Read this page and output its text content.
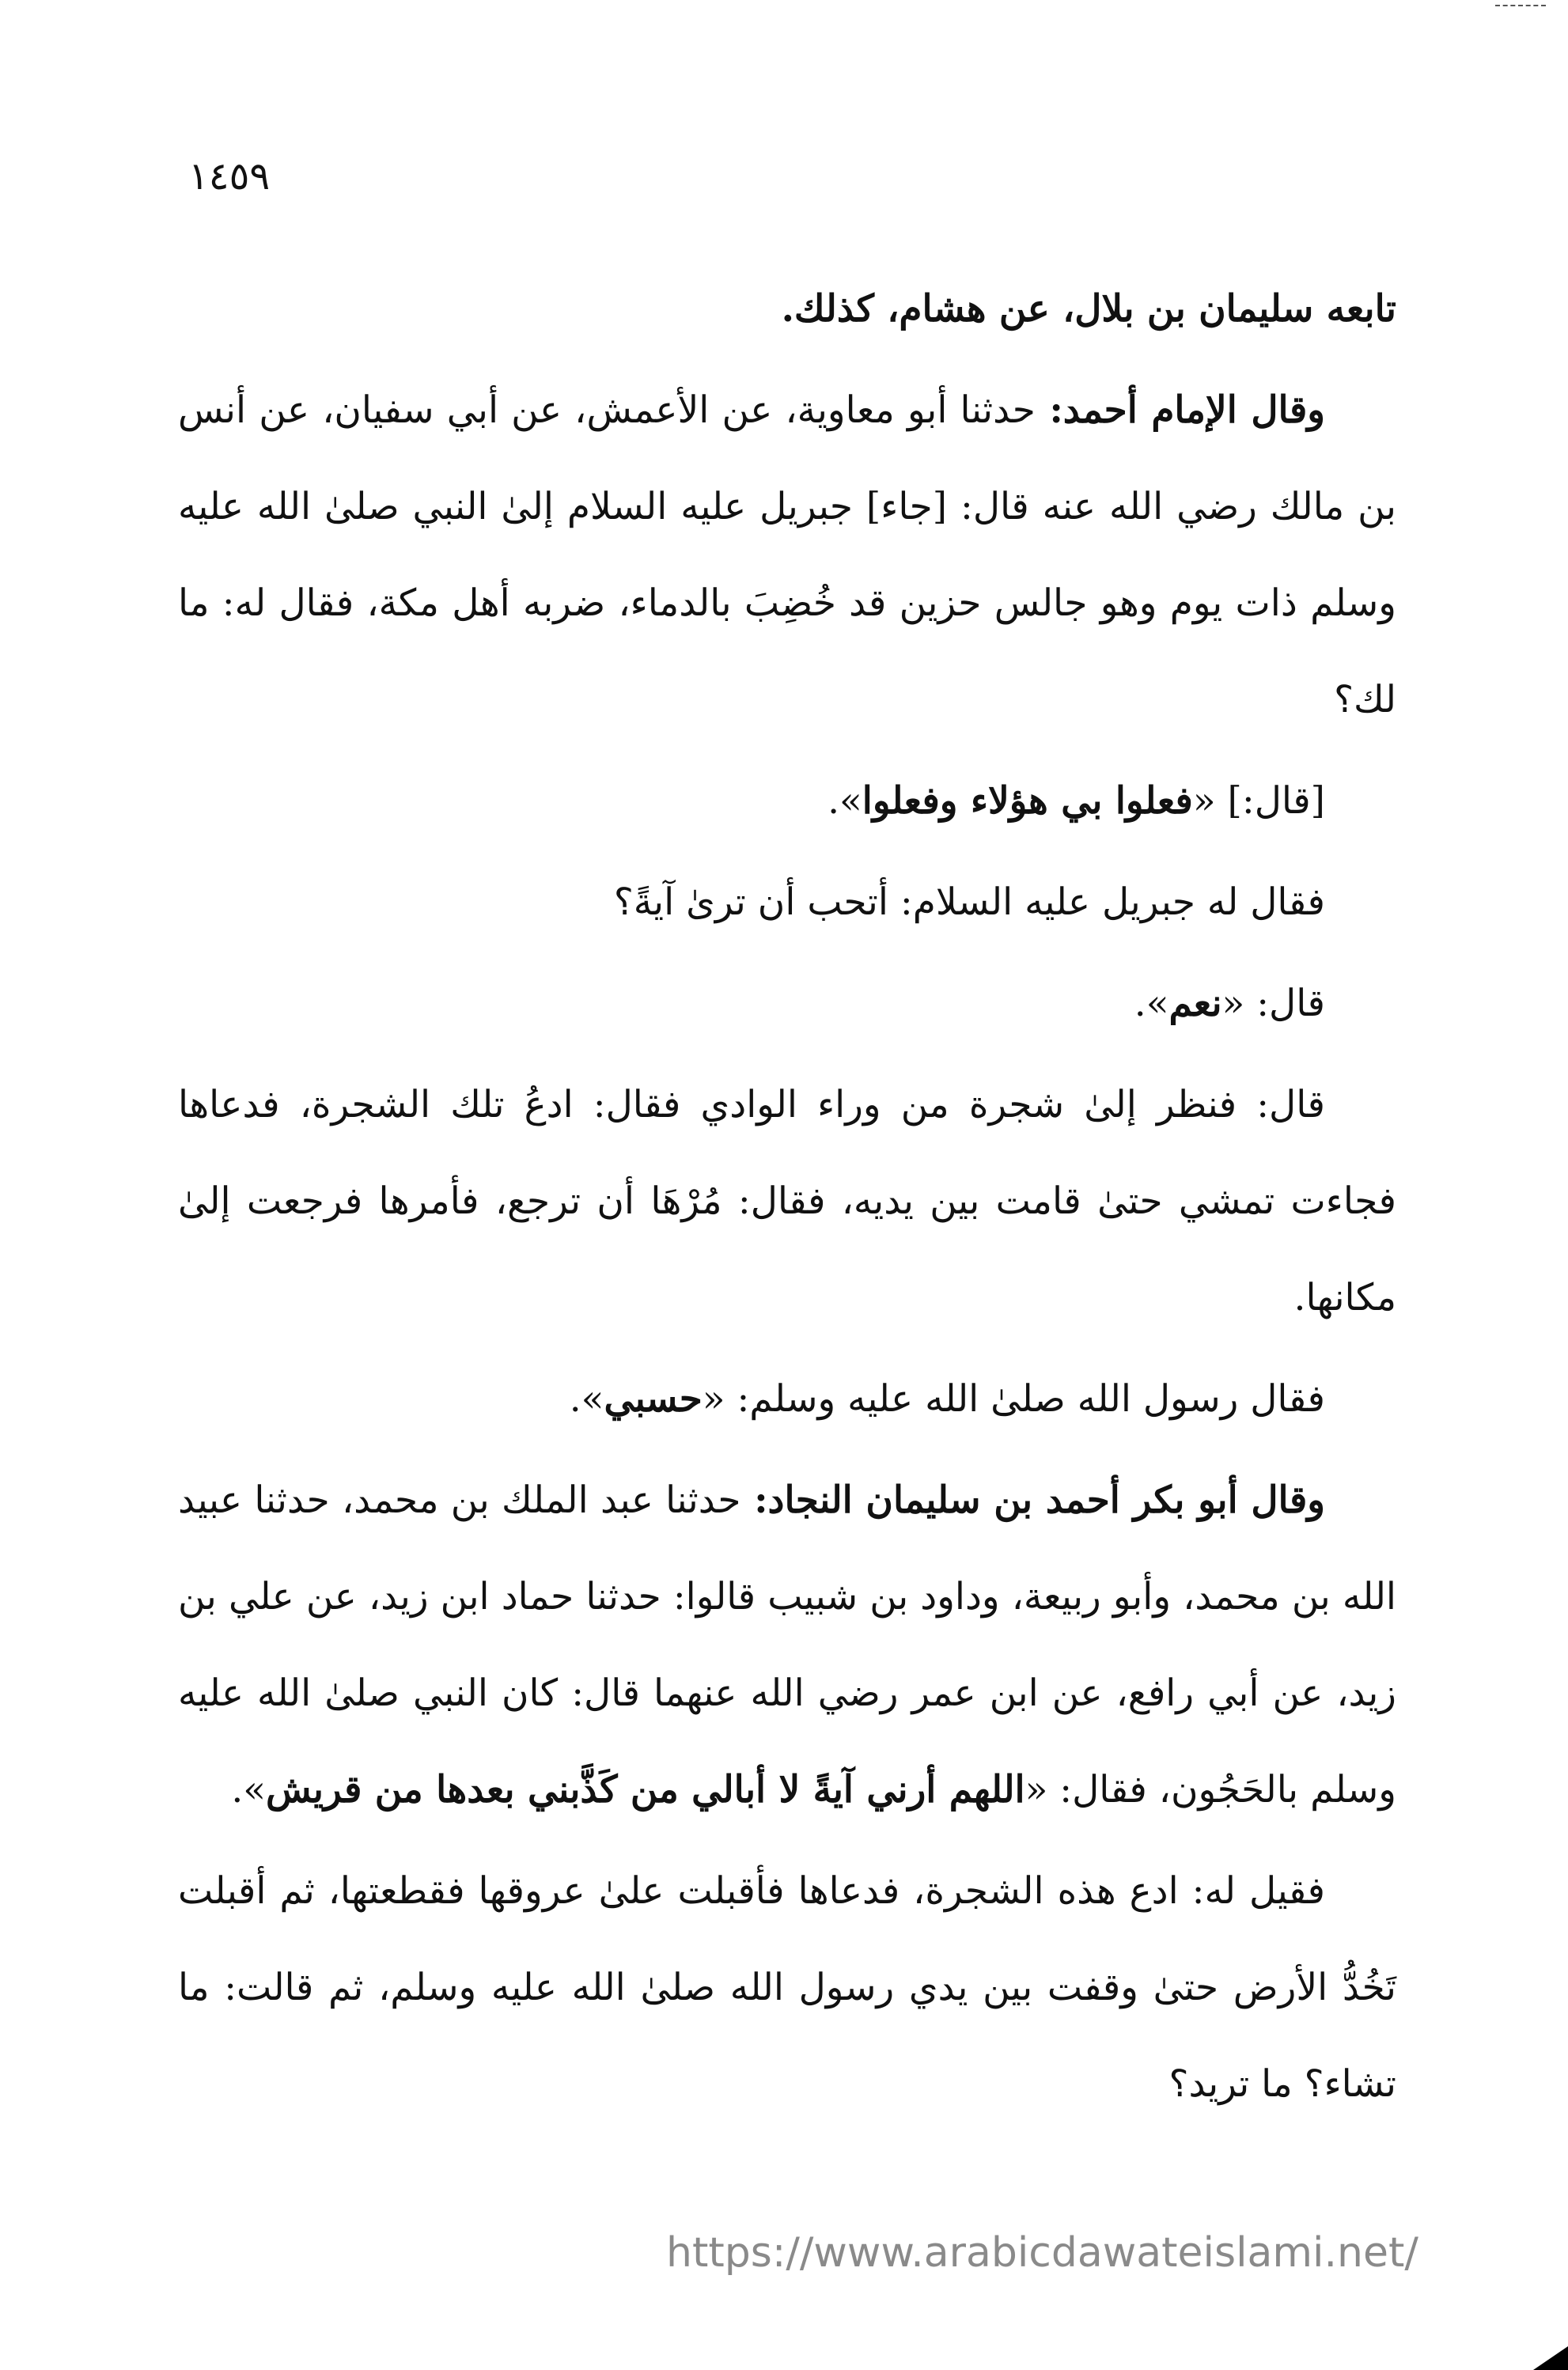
١٤٥٩

تابعه سليمان بن بلال، عن هشام، كذلك.

وقال الإمام أحمد: حدثنا أبو معاوية، عن الأعمش، عن أبي سفيان، عن أنس بن مالك رضي الله عنه قال: [جاء] جبريل عليه السلام إلىٰ النبي صلىٰ الله عليه وسلم ذات يوم وهو جالس حزين قد خُضِبَ بالدماء، ضربه أهل مكة، فقال له: ما لك؟

[قال:] «فعلوا بي هؤلاء وفعلوا».

فقال له جبريل عليه السلام: أتحب أن ترىٰ آيةً؟

قال: «نعم».

قال: فنظر إلىٰ شجرة من وراء الوادي فقال: ادعُ تلك الشجرة، فدعاها فجاءت تمشي حتىٰ قامت بين يديه، فقال: مُرْهَا أن ترجع، فأمرها فرجعت إلىٰ مكانها.

فقال رسول الله صلىٰ الله عليه وسلم: «حسبي».

وقال أبو بكر أحمد بن سليمان النجاد: حدثنا عبد الملك بن محمد، حدثنا عبيد الله بن محمد، وأبو ربيعة، وداود بن شبيب قالوا: حدثنا حماد ابن زيد، عن علي بن زيد، عن أبي رافع، عن ابن عمر رضي الله عنهما قال: كان النبي صلىٰ الله عليه وسلم بالحَجُون، فقال: «اللهم أرني آيةً لا أبالي من كَذَّبني بعدها من قريش».

فقيل له: ادع هذه الشجرة، فدعاها فأقبلت علىٰ عروقها فقطعتها، ثم أقبلت تَخُدُّ الأرض حتىٰ وقفت بين يدي رسول الله صلىٰ الله عليه وسلم، ثم قالت: ما تشاء؟ ما تريد؟

https://www.arabicdawateislami.net/
